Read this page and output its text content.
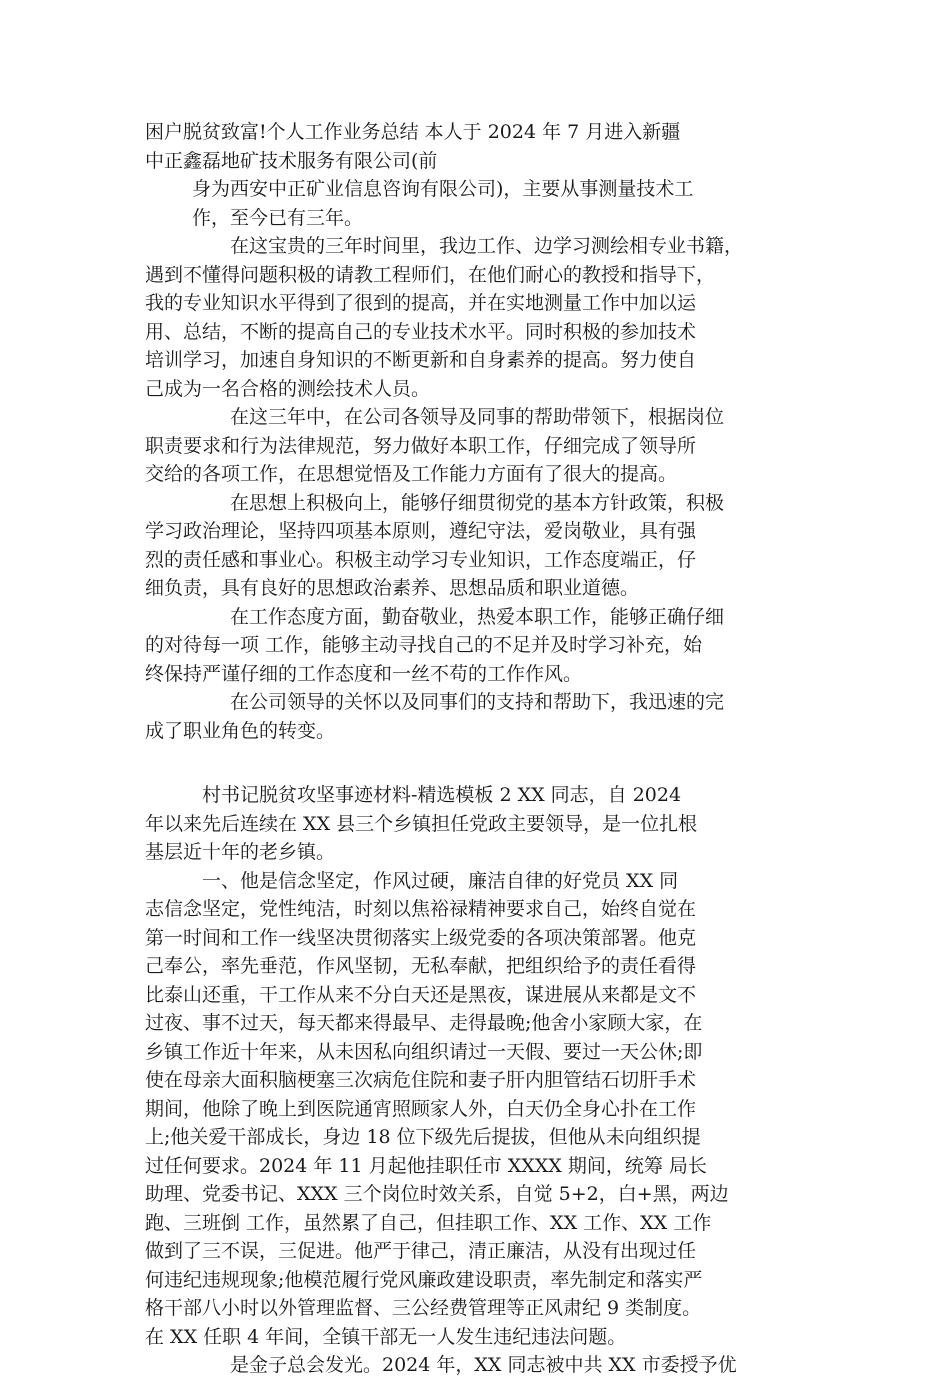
困户脱贫致富!个人工作业务总结 本人于 2024 年 7 月进入新疆
中正鑫磊地矿技术服务有限公司(前
身为西安中正矿业信息咨询有限公司)，主要从事测量技术工
作，至今已有三年。
在这宝贵的三年时间里，我边工作、边学习测绘相专业书籍，
遇到不懂得问题积极的请教工程师们，在他们耐心的教授和指导下，
我的专业知识水平得到了很到的提高，并在实地测量工作中加以运
用、总结，不断的提高自己的专业技术水平。同时积极的参加技术
培训学习，加速自身知识的不断更新和自身素养的提高。努力使自
己成为一名合格的测绘技术人员。
在这三年中，在公司各领导及同事的帮助带领下，根据岗位
职责要求和行为法律规范，努力做好本职工作，仔细完成了领导所
交给的各项工作，在思想觉悟及工作能力方面有了很大的提高。
在思想上积极向上，能够仔细贯彻党的基本方针政策，积极
学习政治理论，坚持四项基本原则，遵纪守法，爱岗敬业，具有强
烈的责任感和事业心。积极主动学习专业知识，工作态度端正，仔
细负责，具有良好的思想政治素养、思想品质和职业道德。
在工作态度方面，勤奋敬业，热爱本职工作，能够正确仔细
的对待每一项 工作，能够主动寻找自己的不足并及时学习补充，始
终保持严谨仔细的工作态度和一丝不苟的工作作风。
在公司领导的关怀以及同事们的支持和帮助下，我迅速的完
成了职业角色的转变。
村书记脱贫攻坚事迹材料-精选模板 2 XX 同志，自 2024
年以来先后连续在 XX 县三个乡镇担任党政主要领导，是一位扎根
基层近十年的老乡镇。
一、他是信念坚定，作风过硬，廉洁自律的好党员 XX 同
志信念坚定，党性纯洁，时刻以焦裕禄精神要求自己，始终自觉在
第一时间和工作一线坚决贯彻落实上级党委的各项决策部署。他克
己奉公，率先垂范，作风坚韧，无私奉献，把组织给予的责任看得
比泰山还重，干工作从来不分白天还是黑夜，谋进展从来都是文不
过夜、事不过天，每天都来得最早、走得最晚;他舍小家顾大家，在
乡镇工作近十年来，从未因私向组织请过一天假、要过一天公休;即
使在母亲大面积脑梗塞三次病危住院和妻子肝内胆管结石切肝手术
期间，他除了晚上到医院通宵照顾家人外，白天仍全身心扑在工作
上;他关爱干部成长，身边 18 位下级先后提拔，但他从未向组织提
过任何要求。2024 年 11 月起他挂职任市 XXXX 期间，统筹 局长
助理、党委书记、XXX 三个岗位时效关系，自觉 5+2，白+黑，两边
跑、三班倒 工作，虽然累了自己，但挂职工作、XX 工作、XX 工作
做到了三不误，三促进。他严于律己，清正廉洁，从没有出现过任
何违纪违规现象;他模范履行党风廉政建设职责，率先制定和落实严
格干部八小时以外管理监督、三公经费管理等正风肃纪 9 类制度。
在 XX 任职 4 年间，全镇干部无一人发生违纪违法问题。
是金子总会发光。2024 年，XX 同志被中共 XX 市委授予优
